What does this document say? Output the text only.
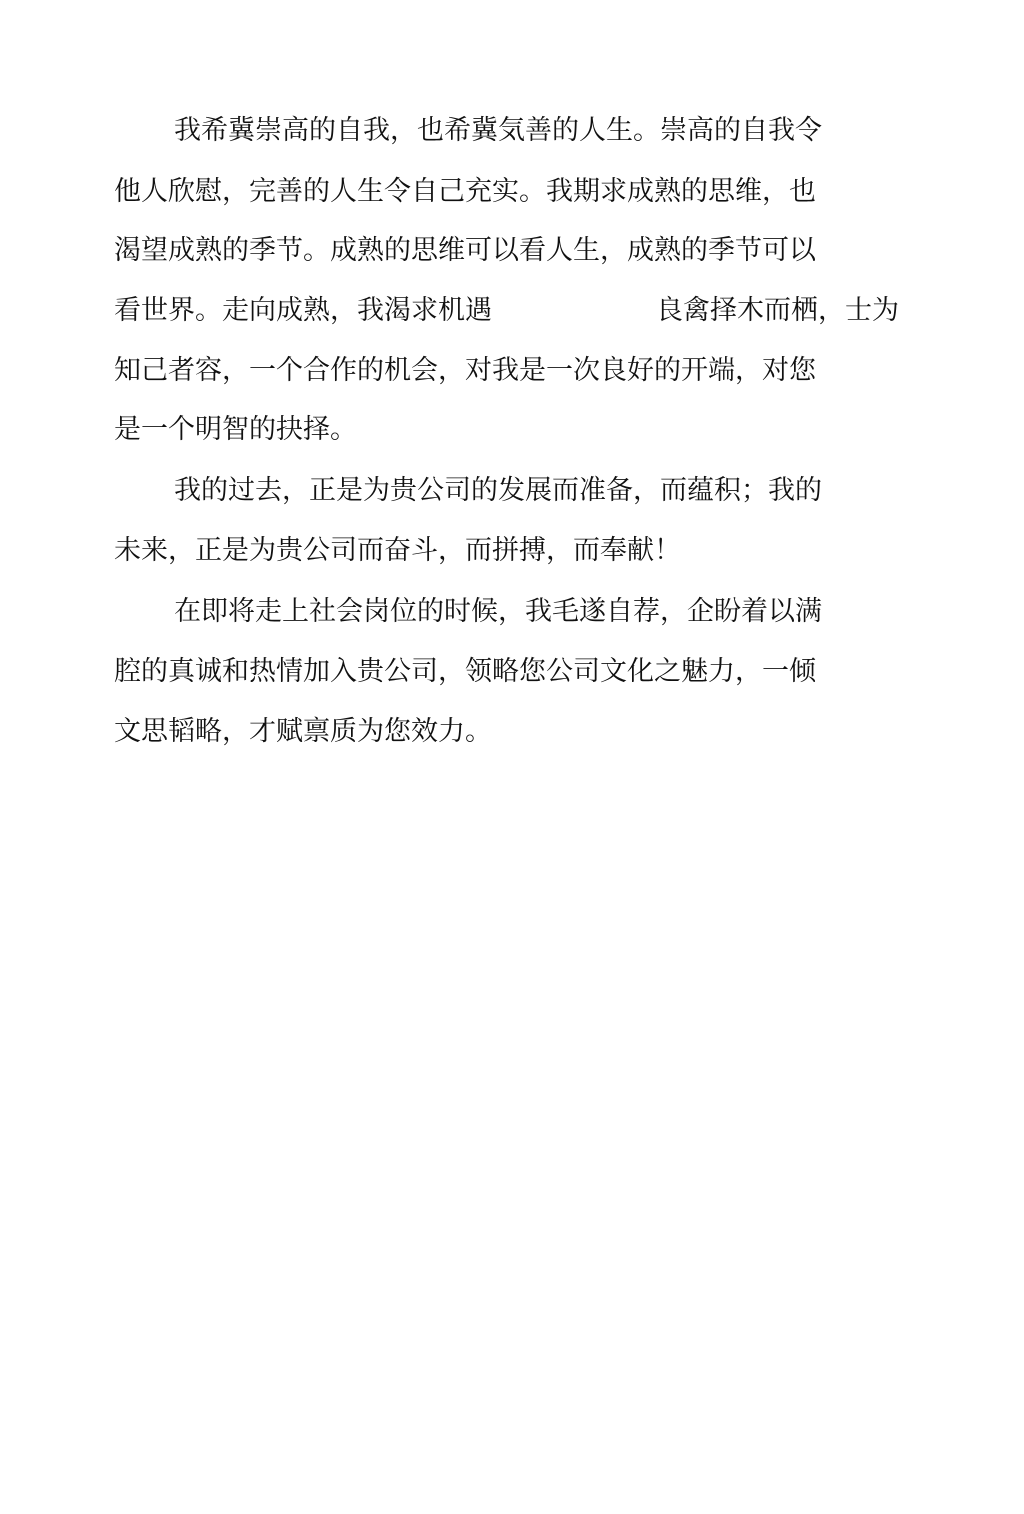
我希冀崇高的自我，也希冀気善的人生。崇高的自我令
他人欣慰，完善的人生令自己充实。我期求成熟的思维，也
渴望成熟的季节。成熟的思维可以看人生，成熟的季节可以
看世界。走向成熟，我渴求机遇	良禽择木而栖，士为
知己者容，一个合作的机会，对我是一次良好的开端，对您
是一个明智的抉择。
我的过去，正是为贵公司的发展而准备，而蕴积；我的
未来，正是为贵公司而奋斗，而拼搏，而奉献！
在即将走上社会岗位的时候，我毛遂自荐，企盼着以满
腔的真诚和热情加入贵公司，领略您公司文化之魅力，一倾
文思韬略，才赋禀质为您效力。
